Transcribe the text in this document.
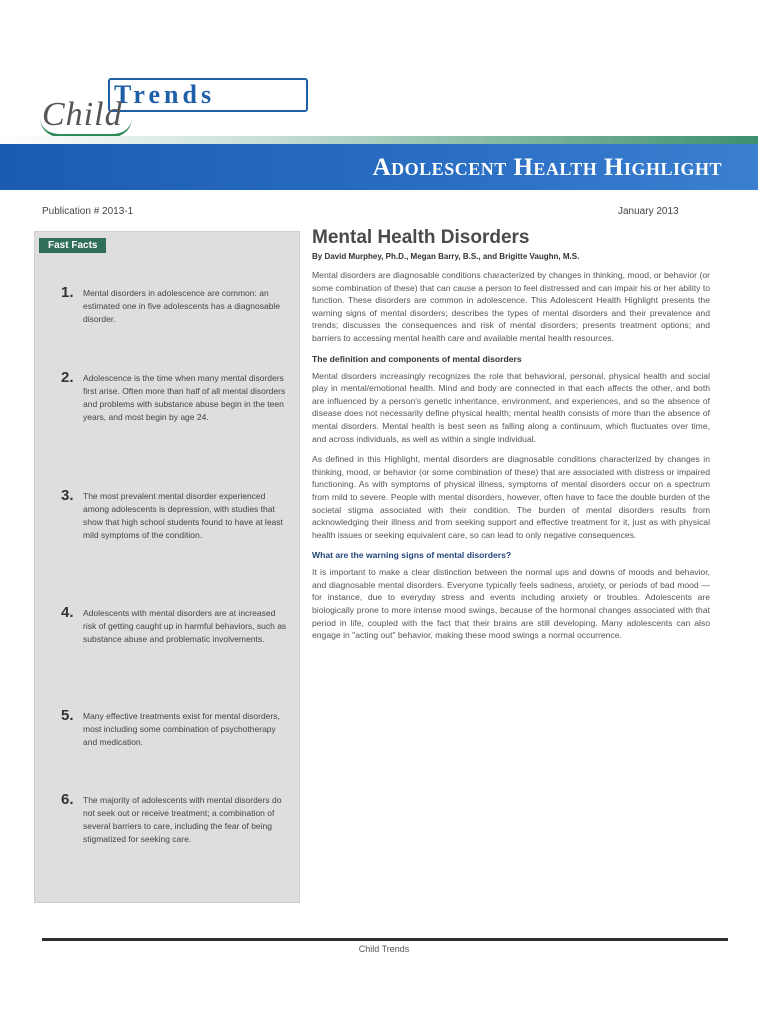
Trends
Child
Adolescent Health Highlight
Publication # 2013-1	January 2013
Fast Facts
1. Mental disorders in adolescence are common: an estimated one in five adolescents has a diagnosable disorder.
2. Adolescence is the time when many mental disorders first arise. Often more than half of all mental disorders and problems with substance abuse begin in the teen years, and most begin by age 24.
3. The most prevalent mental disorder experienced among adolescents is depression, with studies that show that high school students found to have at least mild symptoms of the condition.
4. Adolescents with mental disorders are at increased risk of getting caught up in harmful behaviors, such as substance abuse and problematic involvements.
5. Many effective treatments exist for mental disorders, most including some combination of psychotherapy and medication.
6. The majority of adolescents with mental disorders do not seek out or receive treatment; a combination of several barriers to care, including the fear of being stigmatized for seeking care.
Mental Health Disorders
By David Murphey, Ph.D., Megan Barry, B.S., and Brigitte Vaughn, M.S.

Mental disorders are diagnosable conditions characterized by changes in thinking, mood, or behavior (or some combination of these) that can cause a person to feel distressed and can impair his or her ability to function. These disorders are common in adolescence. This Adolescent Health Highlight presents the warning signs of mental disorders; describes the types of mental disorders and their prevalence and trends; discusses the consequences and risk of mental disorders; presents treatment options; and barriers to accessing mental health care and available mental health resources.

The definition and components of mental disorders

Mental disorders increasingly recognizes the role that behavioral, personal, physical health and social play in mental/emotional health. Mind and body are connected in that each affects the other, and both are influenced by a person's genetic inheritance, environment, and experiences, and so the absence of disease does not necessarily define physical health; mental health consists of more than the absence of mental disorders. Mental health is best seen as falling along a continuum, which fluctuates over time, and across individuals, as well as within a single individual.

As defined in this Highlight, mental disorders are diagnosable conditions characterized by changes in thinking, mood, or behavior (or some combination of these) that are associated with distress or impaired functioning. As with symptoms of physical illness, symptoms of mental disorders occur on a spectrum from mild to severe. People with mental disorders, however, often have to face the double burden of the societal stigma associated with their condition. The burden of mental disorders results from acknowledging their illness and from seeking support and effective treatment for it, just as with physical health issues or seeking equivalent care, so can lead to only negative consequences.

What are the warning signs of mental disorders?

It is important to make a clear distinction between the normal ups and downs of moods and behavior, and diagnosable mental disorders. Everyone typically feels sadness, anxiety, or periods of bad mood — for instance, due to everyday stress and events including anxiety or troubles. Adolescents are biologically prone to more intense mood swings, because of the hormonal changes associated with that period in life, coupled with the fact that their brains are still developing. Many adolescents can also engage in "acting out" behavior, making these mood swings a normal occurrence.

Child Trends
